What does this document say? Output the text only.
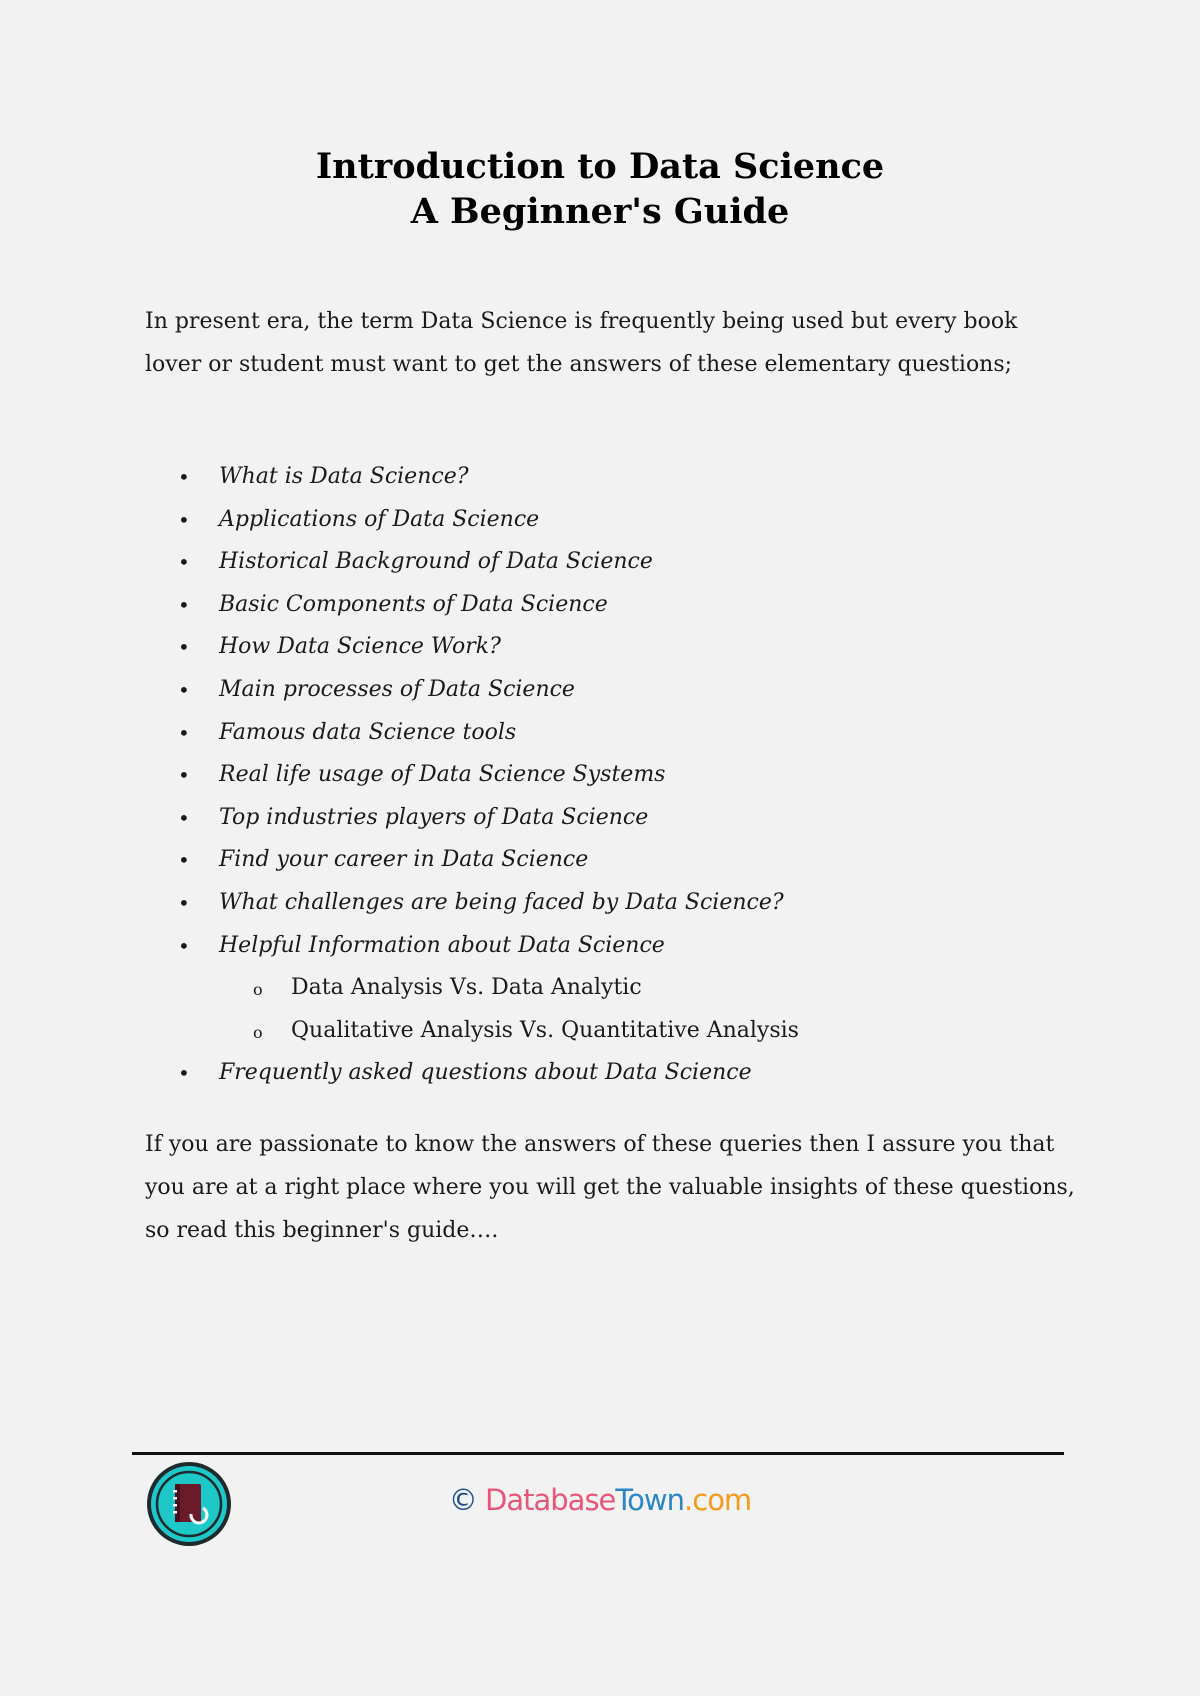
Introduction to Data Science
A Beginner's Guide

In present era, the term Data Science is frequently being used but every book lover or student must want to get the answers of these elementary questions;

• What is Data Science?
• Applications of Data Science
• Historical Background of Data Science
• Basic Components of Data Science
• How Data Science Work?
• Main processes of Data Science
• Famous data Science tools
• Real life usage of Data Science Systems
• Top industries players of Data Science
• Find your career in Data Science
• What challenges are being faced by Data Science?
• Helpful Information about Data Science
o Data Analysis Vs. Data Analytic
o Qualitative Analysis Vs. Quantitative Analysis
• Frequently asked questions about Data Science

If you are passionate to know the answers of these queries then I assure you that you are at a right place where you will get the valuable insights of these questions, so read this beginner's guide….

© DatabaseTown.com
